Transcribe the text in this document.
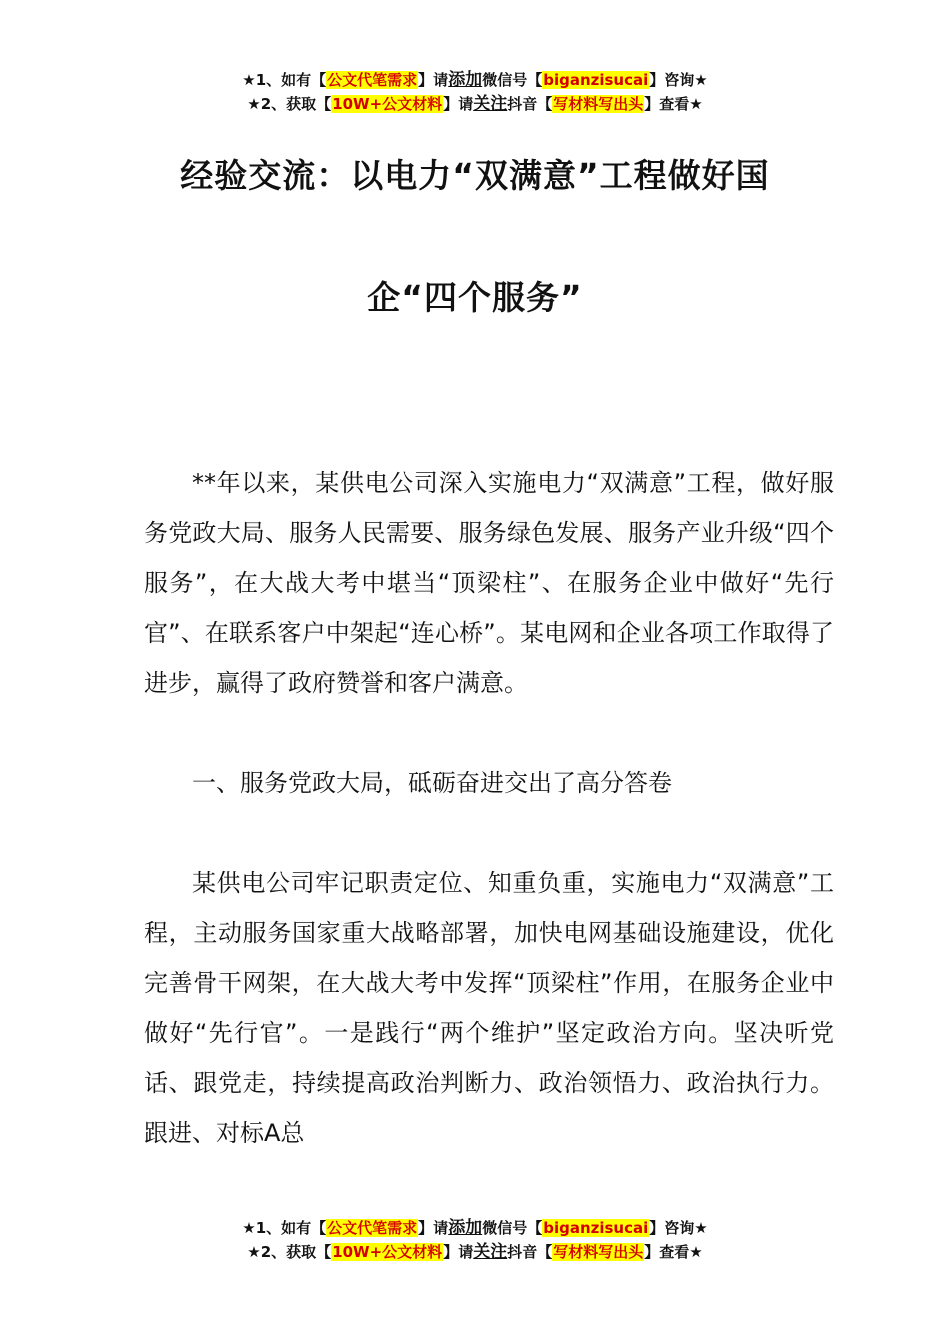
★1、如有【公文代笔需求】请添加微信号【biganzisucai】咨询★
★2、获取【10W+公文材料】请关注抖音【写材料写出头】查看★
经验交流：以电力“双满意”工程做好国
企“四个服务”

**年以来，某供电公司深入实施电力“双满意”工程，做好服务党政大局、服务人民需要、服务绿色发展、服务产业升级“四个服务”，在大战大考中堪当“顶梁柱”、在服务企业中做好“先行官”、在联系客户中架起“连心桥”。某电网和企业各项工作取得了进步，赢得了政府赞誉和客户满意。

一、服务党政大局，砥砺奋进交出了高分答卷

某供电公司牢记职责定位、知重负重，实施电力“双满意”工程，主动服务国家重大战略部署，加快电网基础设施建设，优化完善骨干网架，在大战大考中发挥“顶梁柱”作用，在服务企业中做好“先行官”。一是践行“两个维护”坚定政治方向。坚决听党话、跟党走，持续提高政治判断力、政治领悟力、政治执行力。跟进、对标A总

★1、如有【公文代笔需求】请添加微信号【biganzisucai】咨询★
★2、获取【10W+公文材料】请关注抖音【写材料写出头】查看★
